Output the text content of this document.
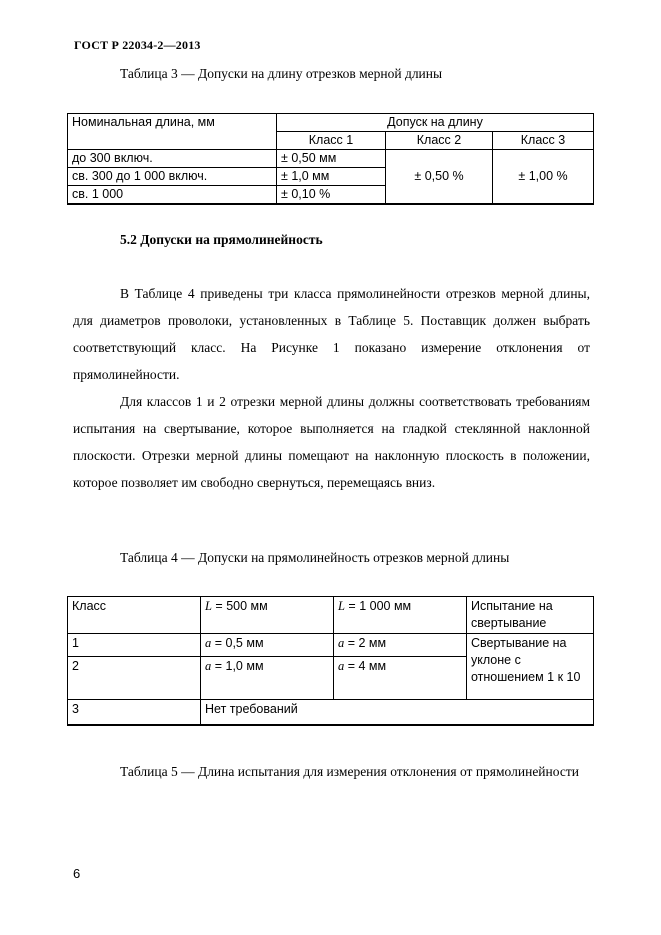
ГОСТ Р 22034-2—2013
Таблица 3 — Допуски на длину отрезков мерной длины
Номинальная длина, мм	Допуск на длину		
	Класс 1	Класс 2	Класс 3
до 300 включ.	± 0,50 мм	± 0,50 %	± 1,00 %
св. 300 до 1 000 включ.	± 1,0 мм		
св. 1 000	± 0,10 %		
5.2 Допуски на прямолинейность
В Таблице 4 приведены три класса прямолинейности отрезков мерной длины, для диаметров проволоки, установленных в Таблице 5. Поставщик должен выбрать соответствующий класс. На Рисунке 1 показано измерение отклонения от прямолинейности.
Для классов 1 и 2 отрезки мерной длины должны соответствовать требованиям испытания на свертывание, которое выполняется на гладкой стеклянной наклонной плоскости. Отрезки мерной длины помещают на наклонную плоскость в положении, которое позволяет им свободно свернуться, перемещаясь вниз.
Таблица 4 — Допуски на прямолинейность отрезков мерной длины
Класс	L = 500 мм	L = 1 000 мм	Испытание на свертывание
1	a = 0,5 мм	a = 2 мм	Свертывание на уклоне с отношением 1 к 10
2	a = 1,0 мм	a = 4 мм	
3	Нет требований		
Таблица 5 — Длина испытания для измерения отклонения от прямолинейности
6
